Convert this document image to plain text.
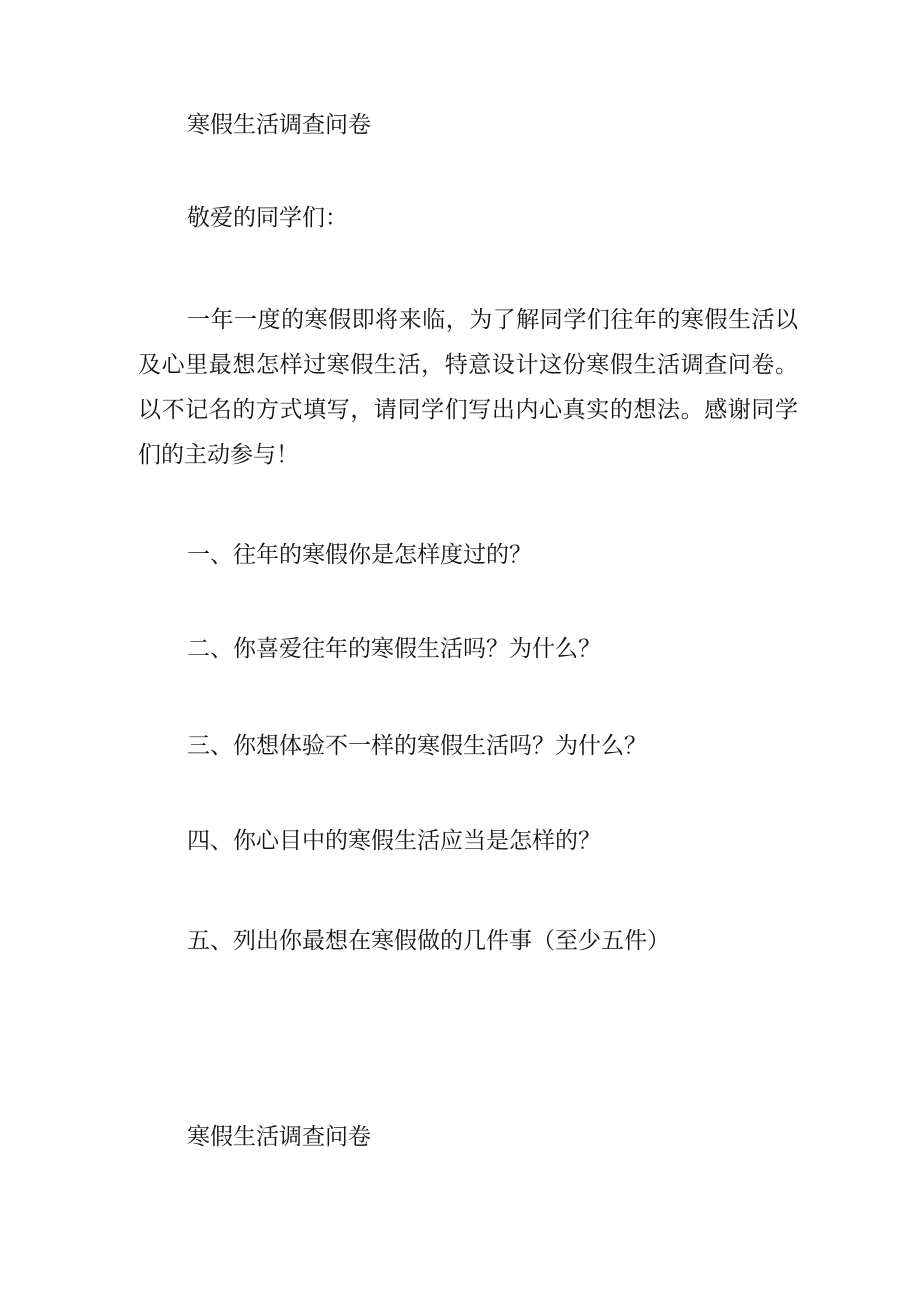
寒假生活调查问卷
敬爱的同学们：
一年一度的寒假即将来临，为了解同学们往年的寒假生活以及心里最想怎样过寒假生活，特意设计这份寒假生活调查问卷。以不记名的方式填写，请同学们写出内心真实的想法。感谢同学们的主动参与！
一、往年的寒假你是怎样度过的？
二、你喜爱往年的寒假生活吗？为什么？
三、你想体验不一样的寒假生活吗？为什么？
四、你心目中的寒假生活应当是怎样的？
五、列出你最想在寒假做的几件事（至少五件）
寒假生活调查问卷
